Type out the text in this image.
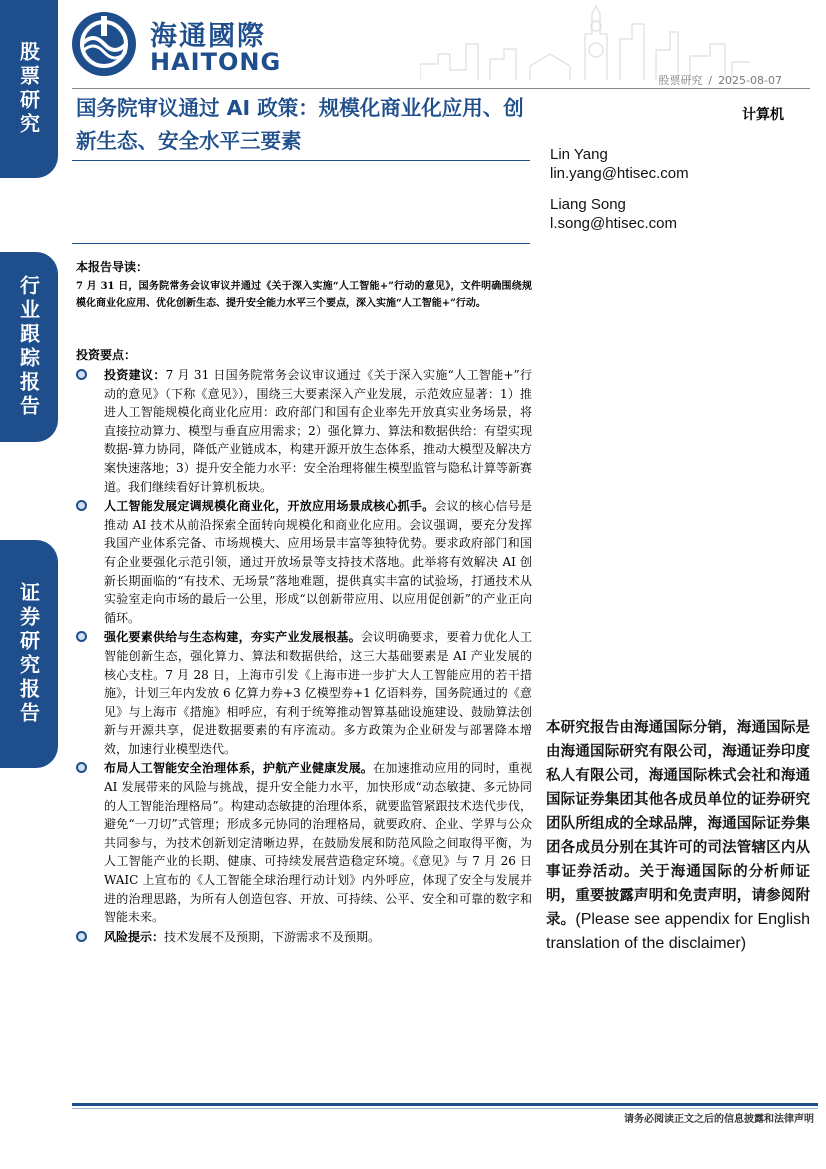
股票研究
行业跟踪报告
证券研究报告
海通國際
HAITONG
股票研究 / 2025-08-07
计算机
国务院审议通过 AI 政策：规模化商业化应用、创新生态、安全水平三要素
Lin Yang
lin.yang@htisec.com
Liang Song
l.song@htisec.com
本报告导读：
7 月 31 日，国务院常务会议审议并通过《关于深入实施“人工智能+”行动的意见》，文件明确围绕规模化商业化应用、优化创新生态、提升安全能力水平三个要点，深入实施“人工智能+”行动。
投资要点：
投资建议：7 月 31 日国务院常务会议审议通过《关于深入实施“人工智能+”行动的意见》（下称《意见》），围绕三大要素深入产业发展，示范效应显著：1）推进人工智能规模化商业化应用：政府部门和国有企业率先开放真实业务场景，将直接拉动算力、模型与垂直应用需求；2）强化算力、算法和数据供给：有望实现数据-算力协同，降低产业链成本，构建开源开放生态体系，推动大模型及解决方案快速落地；3）提升安全能力水平：安全治理将催生模型监管与隐私计算等新赛道。我们继续看好计算机板块。
人工智能发展定调规模化商业化，开放应用场景成核心抓手。会议的核心信号是推动 AI 技术从前沿探索全面转向规模化和商业化应用。会议强调，要充分发挥我国产业体系完备、市场规模大、应用场景丰富等独特优势。要求政府部门和国有企业要强化示范引领，通过开放场景等支持技术落地。此举将有效解决 AI 创新长期面临的“有技术、无场景”落地难题，提供真实丰富的试验场，打通技术从实验室走向市场的最后一公里，形成“以创新带应用、以应用促创新”的产业正向循环。
强化要素供给与生态构建，夯实产业发展根基。会议明确要求，要着力优化人工智能创新生态，强化算力、算法和数据供给，这三大基础要素是 AI 产业发展的核心支柱。7 月 28 日，上海市引发《上海市进一步扩大人工智能应用的若干措施》，计划三年内发放 6 亿算力券+3 亿模型券+1 亿语料券，国务院通过的《意见》与上海市《措施》相呼应，有利于统筹推动智算基础设施建设、鼓励算法创新与开源共享，促进数据要素的有序流动。多方政策为企业研发与部署降本增效，加速行业模型迭代。
布局人工智能安全治理体系，护航产业健康发展。在加速推动应用的同时，重视 AI 发展带来的风险与挑战，提升安全能力水平，加快形成“动态敏捷、多元协同的人工智能治理格局”。构建动态敏捷的治理体系，就要监管紧跟技术迭代步伐，避免“一刀切”式管理；形成多元协同的治理格局，就要政府、企业、学界与公众共同参与，为技术创新划定清晰边界，在鼓励发展和防范风险之间取得平衡，为人工智能产业的长期、健康、可持续发展营造稳定环境。《意见》与 7 月 26 日 WAIC 上宣布的《人工智能全球治理行动计划》内外呼应，体现了安全与发展并进的治理思路，为所有人创造包容、开放、可持续、公平、安全和可靠的数字和智能未来。
风险提示：技术发展不及预期，下游需求不及预期。
本研究报告由海通国际分销，海通国际是由海通国际研究有限公司，海通证券印度私人有限公司，海通国际株式会社和海通国际证券集团其他各成员单位的证券研究团队所组成的全球品牌，海通国际证券集团各成员分别在其许可的司法管辖区内从事证券活动。关于海通国际的分析师证明，重要披露声明和免责声明，请参阅附录。(Please see appendix for English translation of the disclaimer)
请务必阅读正文之后的信息披露和法律声明
